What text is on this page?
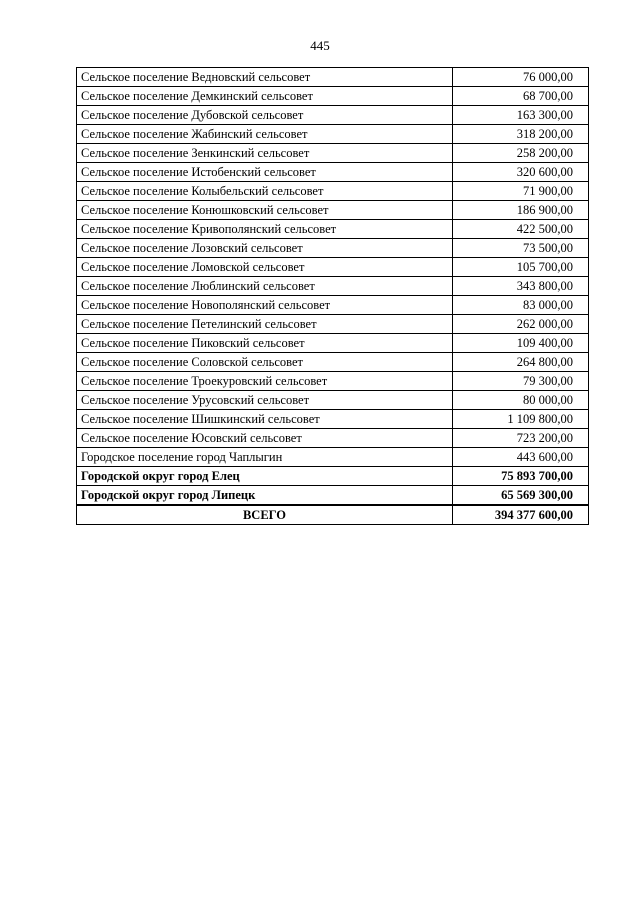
445
Сельское поселение Ведновский сельсовет	76 000,00
Сельское поселение Демкинский сельсовет	68 700,00
Сельское поселение Дубовской сельсовет	163 300,00
Сельское поселение Жабинский сельсовет	318 200,00
Сельское поселение Зенкинский сельсовет	258 200,00
Сельское поселение Истобенский сельсовет	320 600,00
Сельское поселение Колыбельский сельсовет	71 900,00
Сельское поселение Конюшковский сельсовет	186 900,00
Сельское поселение Кривополянский сельсовет	422 500,00
Сельское поселение Лозовский сельсовет	73 500,00
Сельское поселение Ломовской сельсовет	105 700,00
Сельское поселение Люблинский сельсовет	343 800,00
Сельское поселение Новополянский сельсовет	83 000,00
Сельское поселение Петелинский сельсовет	262 000,00
Сельское поселение Пиковский сельсовет	109 400,00
Сельское поселение Соловской сельсовет	264 800,00
Сельское поселение Троекуровский сельсовет	79 300,00
Сельское поселение Урусовский сельсовет	80 000,00
Сельское поселение Шишкинский сельсовет	1 109 800,00
Сельское поселение Юсовский сельсовет	723 200,00
Городское поселение город Чаплыгин	443 600,00
Городской округ город Елец	75 893 700,00
Городской округ город Липецк	65 569 300,00
ВСЕГО	394 377 600,00
